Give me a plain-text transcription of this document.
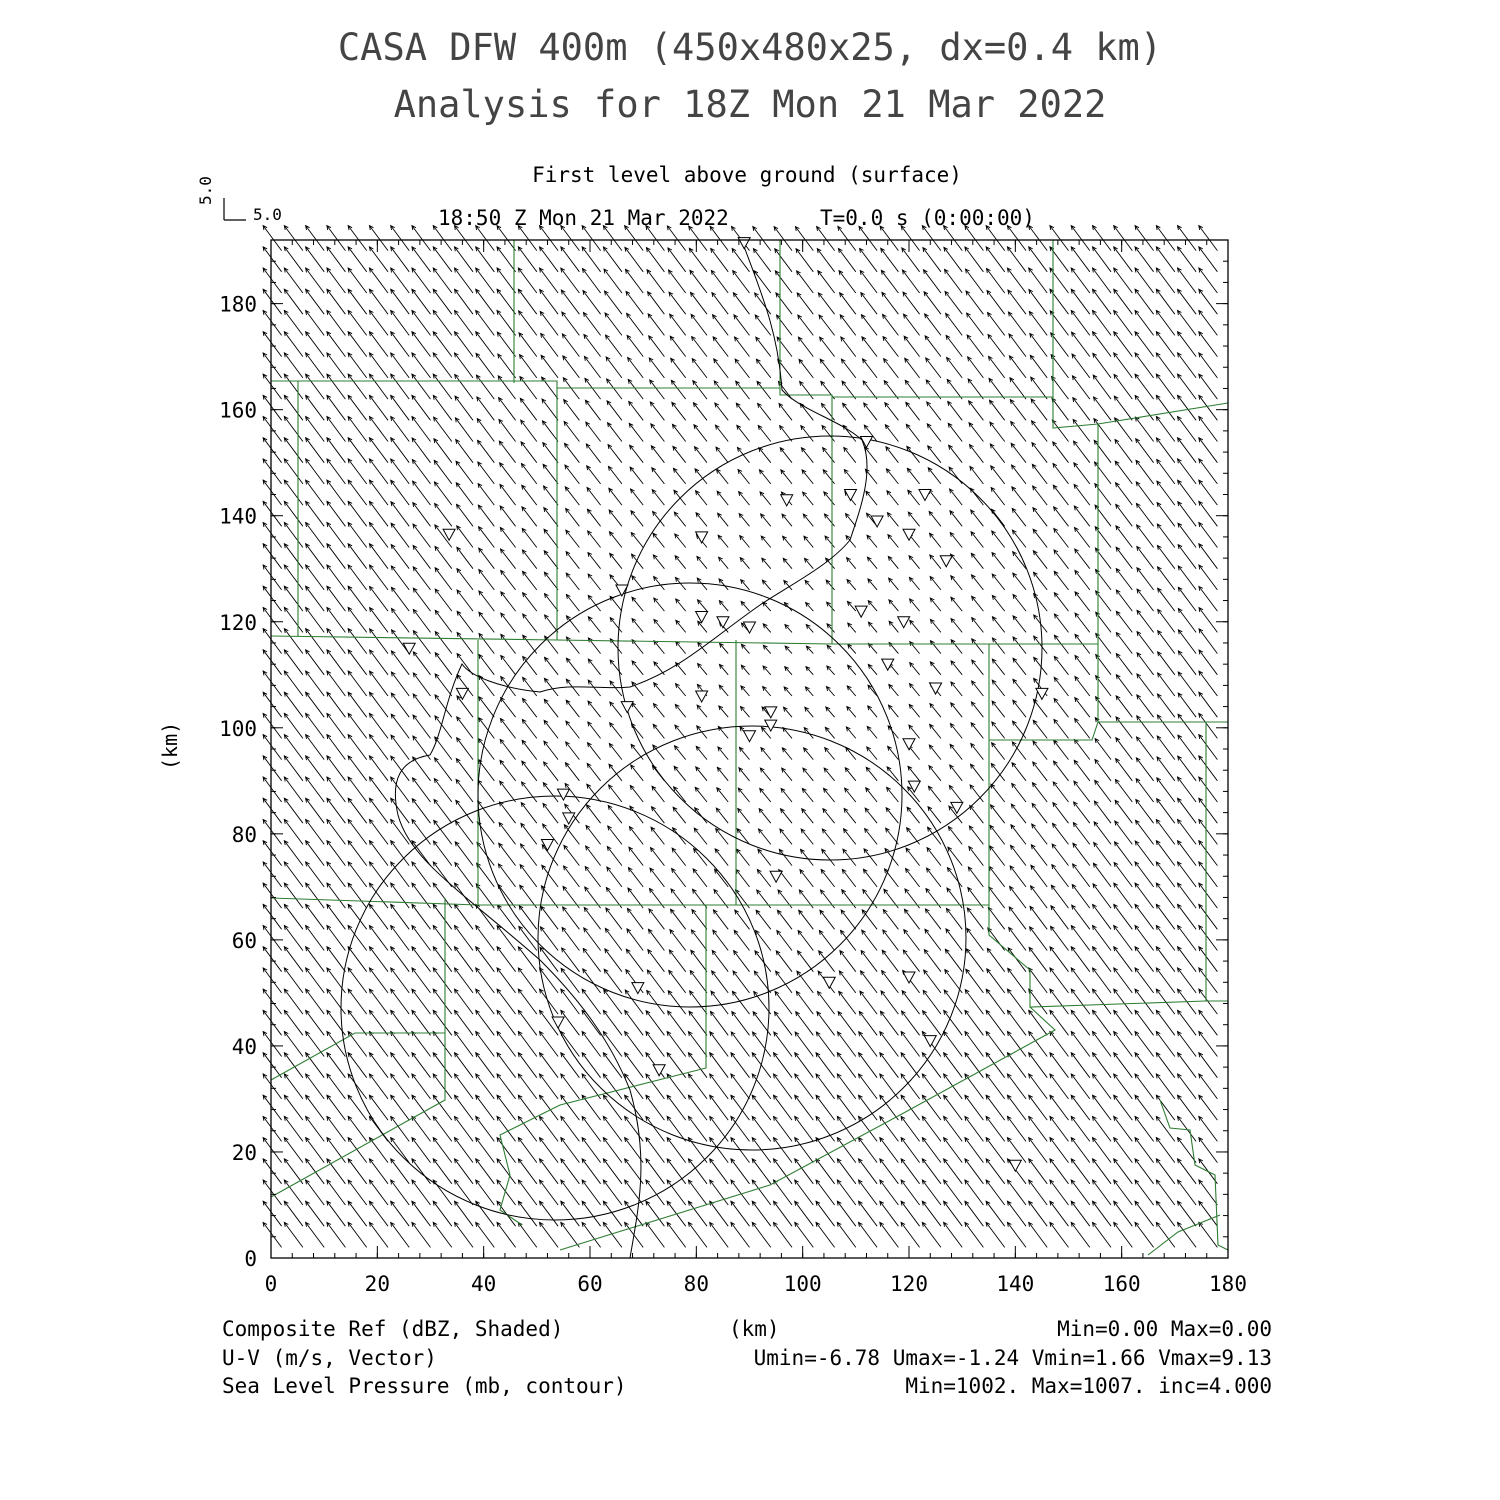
0	20	40	60	80	100	120	140	160	180
0
20
40
60
80
100
120
140
160
180
CASA DFW 400m (450x480x25, dx=0.4 km)
Analysis for 18Z Mon 21 Mar 2022
First level above ground (surface)
18:50 Z Mon 21 Mar 2022	T=0.0 s (0:00:00)
5.0
5.0
(km)
Composite Ref (dBZ, Shaded)	(km)	Min=0.00 Max=0.00
U-V (m/s, Vector)	Umin=-6.78 Umax=-1.24 Vmin=1.66 Vmax=9.13
Sea Level Pressure (mb, contour)	Min=1002. Max=1007. inc=4.000
